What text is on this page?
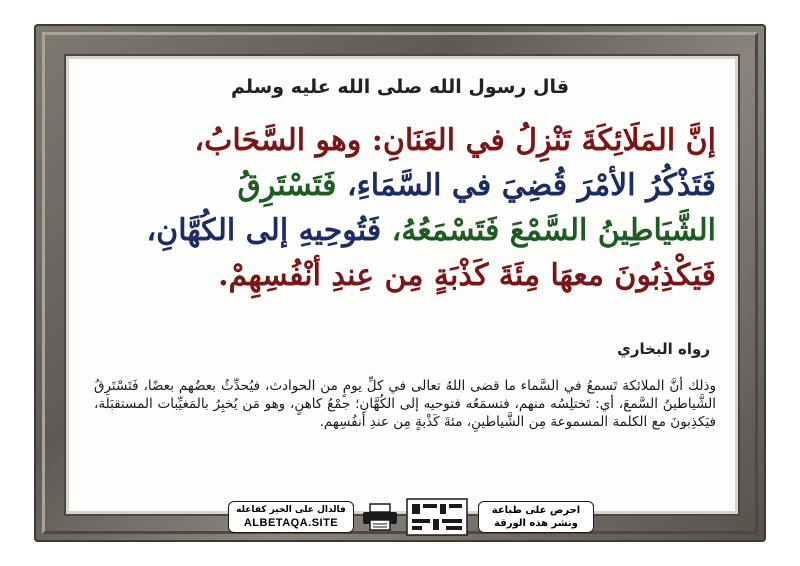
قال رسول الله صلى الله عليه وسلم
إنَّ المَلَائِكَةَ تَنْزِلُ في العَنَانِ: وهو السَّحَابُ،
فَتَذْكُرُ الأمْرَ قُضِيَ في السَّمَاءِ، فَتَسْتَرِقُ
الشَّيَاطِينُ السَّمْعَ فَتَسْمَعُهُ، فَتُوحِيهِ إلى الكُهَّانِ،
فَيَكْذِبُونَ معهَا مِئَةَ كَذْبَةٍ مِن عِندِ أنْفُسِهِمْ.
رواه البخاري
وذلك أنَّ الملائكة تَسمعُ في السَّماء ما قضى اللهُ تعالى في كلِّ يومٍ من الحوادث، فيُحدِّثُ بعضُهم بعضًا، فَتَسْتَرِقُ الشَّياطينُ السَّمعَ، أي: تَختلِسُه منهم، فتسمَعُه فتوحيه إلى الكُهَّانِ؛ جمْعُ كاهنٍ، وهو مَن يُخبِرُ بالمَغيِّبات المستقبَلة، فيَكذِبونَ مع الكلمة المسموعة مِن الشَّياطينِ، مئةَ كَذْبةٍ مِن عندِ أنفُسِهم.
فالدال على الخير كفاعله
ALBETAQA.SITE
احرص على طباعة
ونشر هذه الورقة
